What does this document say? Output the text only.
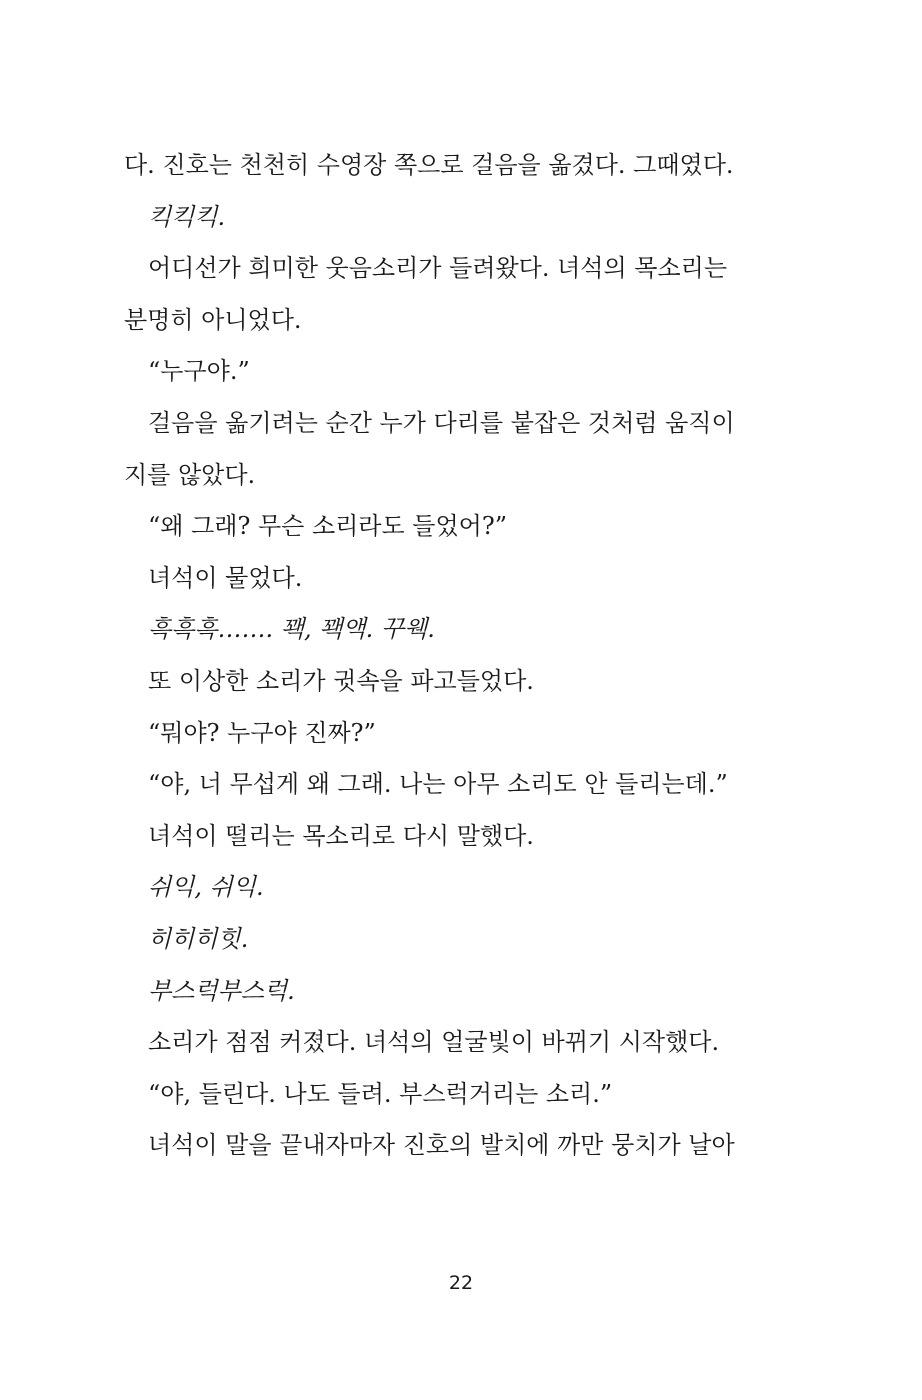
다. 진호는 천천히 수영장 쪽으로 걸음을 옮겼다. 그때였다.
킥킥킥.
어디선가 희미한 웃음소리가 들려왔다. 녀석의 목소리는
분명히 아니었다.
“누구야.”
걸음을 옮기려는 순간 누가 다리를 붙잡은 것처럼 움직이
지를 않았다.
“왜 그래? 무슨 소리라도 들었어?”
녀석이 물었다.
흑흑흑……. 꽥, 꽥액. 꾸웩.
또 이상한 소리가 귓속을 파고들었다.
“뭐야? 누구야 진짜?”
“야, 너 무섭게 왜 그래. 나는 아무 소리도 안 들리는데.”
녀석이 떨리는 목소리로 다시 말했다.
쉬익, 쉬익.
히히히힛.
부스럭부스럭.
소리가 점점 커졌다. 녀석의 얼굴빛이 바뀌기 시작했다.
“야, 들린다. 나도 들려. 부스럭거리는 소리.”
녀석이 말을 끝내자마자 진호의 발치에 까만 뭉치가 날아
22
